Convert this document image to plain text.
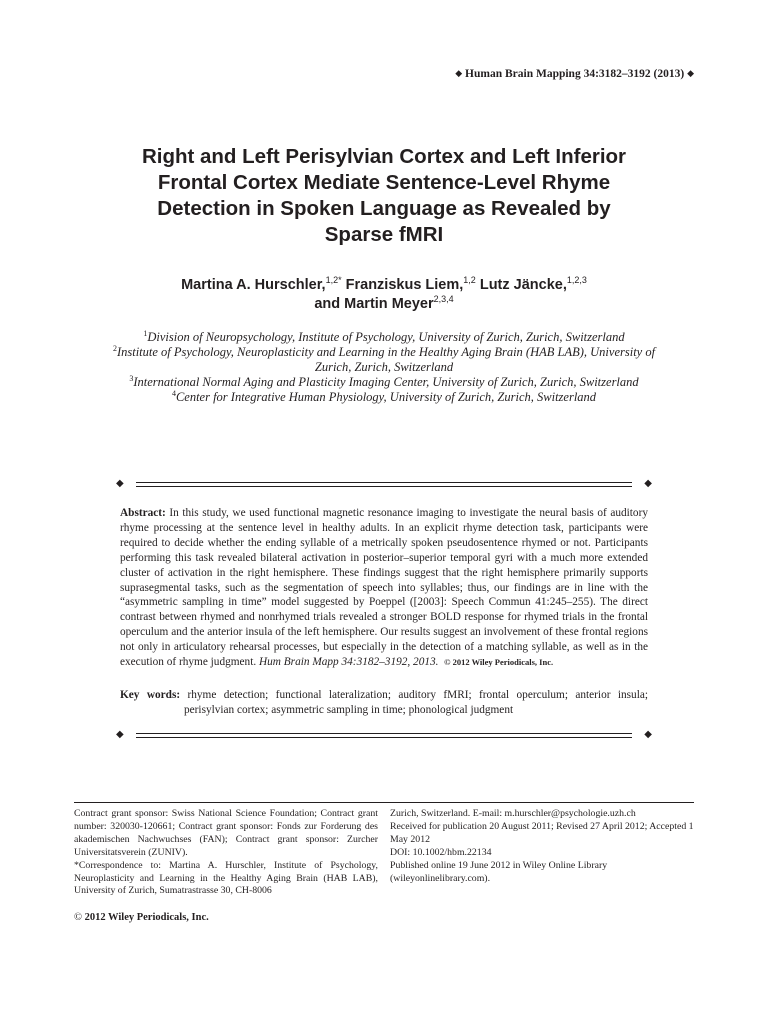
◆ Human Brain Mapping 34:3182–3192 (2013) ◆
Right and Left Perisylvian Cortex and Left Inferior
Frontal Cortex Mediate Sentence-Level Rhyme
Detection in Spoken Language as Revealed by
Sparse fMRI
Martina A. Hurschler,$^{1,2*}$ Franziskus Liem,$^{1,2}$ Lutz Jäncke,$^{1,2,3}$
and Martin Meyer$^{2,3,4}$

$^1$Division of Neuropsychology, Institute of Psychology, University of Zurich, Zurich, Switzerland

$^2$Institute of Psychology, Neuroplasticity and Learning in the Healthy Aging Brain (HAB LAB), University of Zurich, Zurich, Switzerland

$^3$International Normal Aging and Plasticity Imaging Center, University of Zurich, Zurich, Switzerland

$^4$Center for Integrative Human Physiology, University of Zurich, Zurich, Switzerland

◆	◆

Abstract: In this study, we used functional magnetic resonance imaging to investigate the neural basis of auditory rhyme processing at the sentence level in healthy adults. In an explicit rhyme detection task, participants were required to decide whether the ending syllable of a metrically spoken pseudosentence rhymed or not. Participants performing this task revealed bilateral activation in posterior–superior temporal gyri with a much more extended cluster of activation in the right hemisphere. These findings suggest that the right hemisphere primarily supports suprasegmental tasks, such as the segmentation of speech into syllables; thus, our findings are in line with the “asymmetric sampling in time” model suggested by Poeppel ([2003]: Speech Commun 41:245–255). The direct contrast between rhymed and nonrhymed trials revealed a stronger BOLD response for rhymed trials in the frontal operculum and the anterior insula of the left hemisphere. Our results suggest an involvement of these frontal regions not only in articulatory rehearsal processes, but especially in the detection of a matching syllable, as well as in the execution of rhyme judgment. Hum Brain Mapp 34:3182–3192, 2013. © 2012 Wiley Periodicals, Inc.

Key words: rhyme detection; functional lateralization; auditory fMRI; frontal operculum; anterior insula; perisylvian cortex; asymmetric sampling in time; phonological judgment

◆	◆

Contract grant sponsor: Swiss National Science Foundation; Contract grant number: 320030-120661; Contract grant sponsor: Fonds zur Forderung des akademischen Nachwuchses (FAN); Contract grant sponsor: Zurcher Universitatsverein (ZUNIV).

*Correspondence to: Martina A. Hurschler, Institute of Psychology, Neuroplasticity and Learning in the Healthy Aging Brain (HAB LAB), University of Zurich, Sumatrastrasse 30, CH-8006

Zurich, Switzerland. E-mail: m.hurschler@psychologie.uzh.ch

Received for publication 20 August 2011; Revised 27 April 2012; Accepted 1 May 2012

DOI: 10.1002/hbm.22134

Published online 19 June 2012 in Wiley Online Library (wileyonlinelibrary.com).

© 2012 Wiley Periodicals, Inc.
